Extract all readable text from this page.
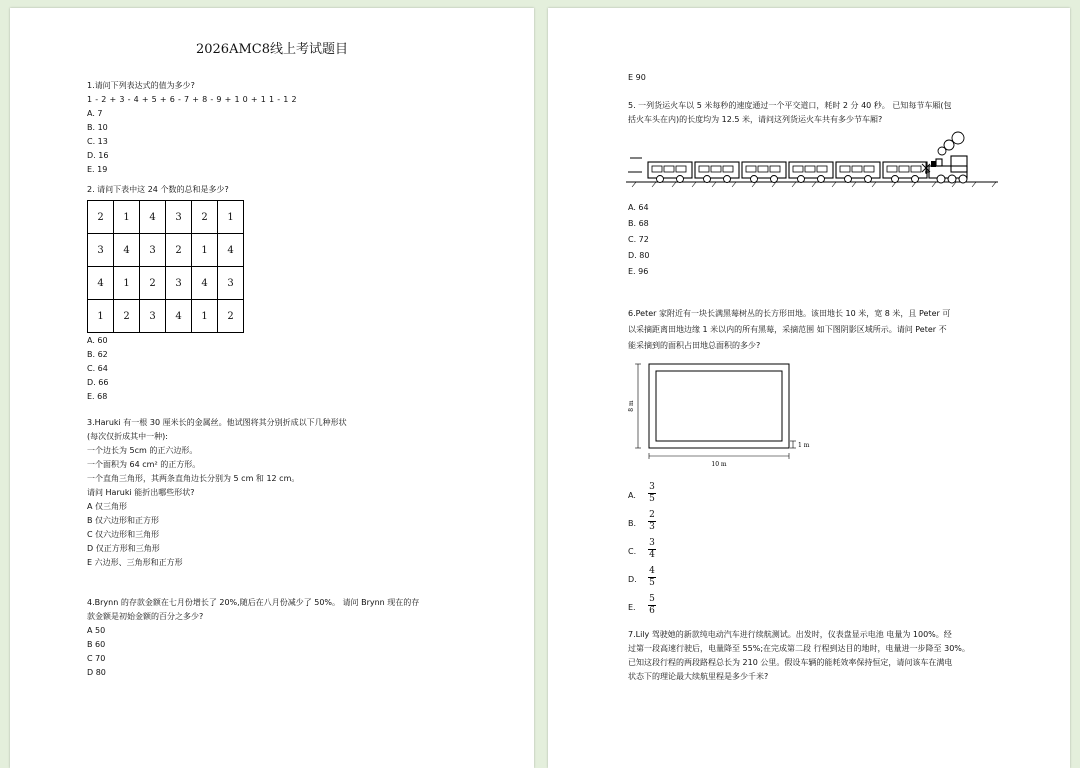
2026AMC8线上考试题目
1.请问下列表达式的值为多少?
1 - 2 + 3 - 4 + 5 + 6 - 7 + 8 - 9 + 1 0 + 1 1 - 1 2
A. 7
B. 10
C. 13
D. 16
E. 19
2. 请问下表中这 24 个数的总和是多少?
2	1	4	3	2	1
3	4	3	2	1	4
4	1	2	3	4	3
1	2	3	4	1	2
A. 60
B. 62
C. 64
D. 66
E. 68
3.Haruki 有一根 30 厘米长的金属丝。他试图将其分别折成以下几种形状
(每次仅折成其中一种):
一个边长为 5cm 的正六边形。
一个面积为 64 cm² 的正方形。
一个直角三角形，其两条直角边长分别为 5 cm 和 12 cm。
请问 Haruki 能折出哪些形状?
A 仅三角形
B 仅六边形和正方形
C 仅六边形和三角形
D 仅正方形和三角形
E 六边形、三角形和正方形
4.Brynn 的存款金额在七月份增长了 20%,随后在八月份减少了 50%。 请问 Brynn 现在的存
款金额是初始金额的百分之多少?
A 50
B 60
C 70
D 80
E 90
5. 一列货运火车以 5 米每秒的速度通过一个平交道口，耗时 2 分 40 秒。 已知每节车厢(包
括火车头在内)的长度均为 12.5 米，请问这列货运火车共有多少节车厢?
A. 64
B. 68
C. 72
D. 80
E. 96
6.Peter 家附近有一块长满黑莓树丛的长方形田地。该田地长 10 米，宽 8 米，且 Peter 可
以采摘距离田地边缘 1 米以内的所有黑莓，采摘范围 如下图阴影区域所示。请问 Peter 不
能采摘到的面积占田地总面积的多少?
8 m
10 m
1 m
A.
3
5
B.
2
3
C.
3
4
D.
4
5
E.
5
6
7.Lily 驾驶她的新款纯电动汽车进行续航测试。出发时，仪表盘显示电池 电量为 100%。经
过第一段高速行驶后，电量降至 55%;在完成第二段 行程到达目的地时，电量进一步降至 30%。
已知这段行程的两段路程总长为 210 公里。假设车辆的能耗效率保持恒定，请问该车在满电
状态下的理论最大续航里程是多少千米?
